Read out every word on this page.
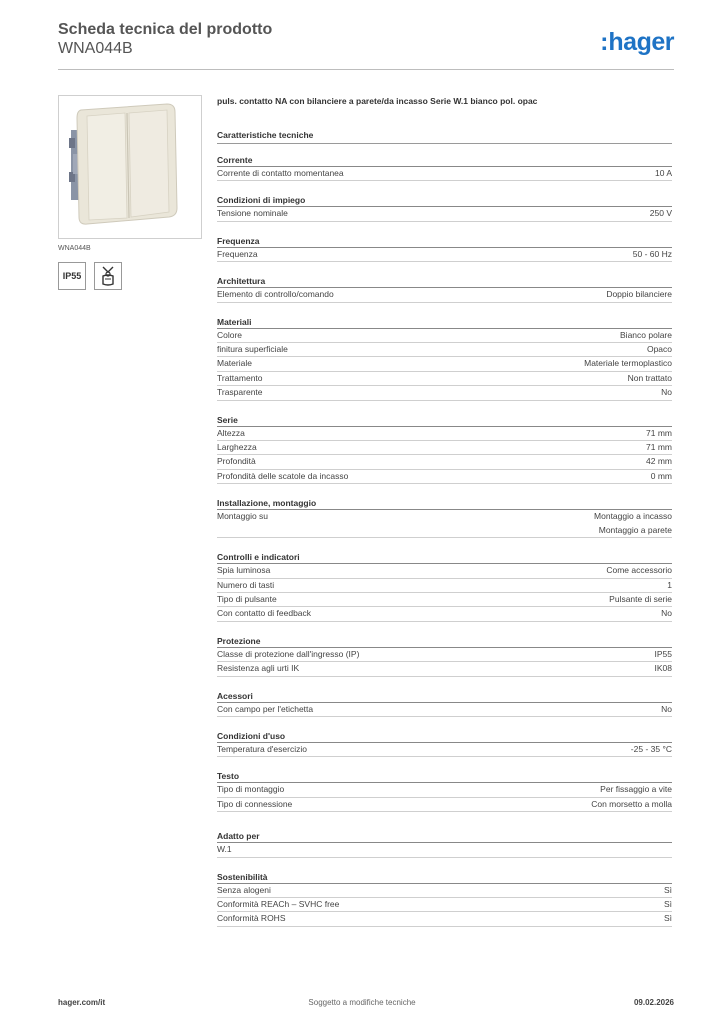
Scheda tecnica del prodotto
WNA044B	:hager
WNA044B
IP55
puls. contatto NA con bilanciere a parete/da incasso Serie W.1 bianco pol. opac
Caratteristiche tecniche
Corrente
Corrente di contatto momentanea	10 A
Condizioni di impiego
Tensione nominale	250 V
Frequenza
Frequenza	50 - 60 Hz
Architettura
Elemento di controllo/comando	Doppio bilanciere
Materiali
Colore	Bianco polare
finitura superficiale	Opaco
Materiale	Materiale termoplastico
Trattamento	Non trattato
Trasparente	No
Serie
Altezza	71 mm
Larghezza	71 mm
Profondità	42 mm
Profondità delle scatole da incasso	0 mm
Installazione, montaggio
Montaggio su	Montaggio a incasso
Montaggio a parete
Controlli e indicatori
Spia luminosa	Come accessorio
Numero di tasti	1
Tipo di pulsante	Pulsante di serie
Con contatto di feedback	No
Protezione
Classe di protezione dall'ingresso (IP)	IP55
Resistenza agli urti IK	IK08
Acessori
Con campo per l'etichetta	No
Condizioni d'uso
Temperatura d'esercizio	-25 - 35 °C
Testo
Tipo di montaggio	Per fissaggio a vite
Tipo di connessione	Con morsetto a molla
Adatto per
W.1
Sostenibilità
Senza alogeni	Sì
Conformità REACh – SVHC free	Sì
Conformità ROHS	Sì
hager.com/it	Soggetto a modifiche tecniche	09.02.2026
